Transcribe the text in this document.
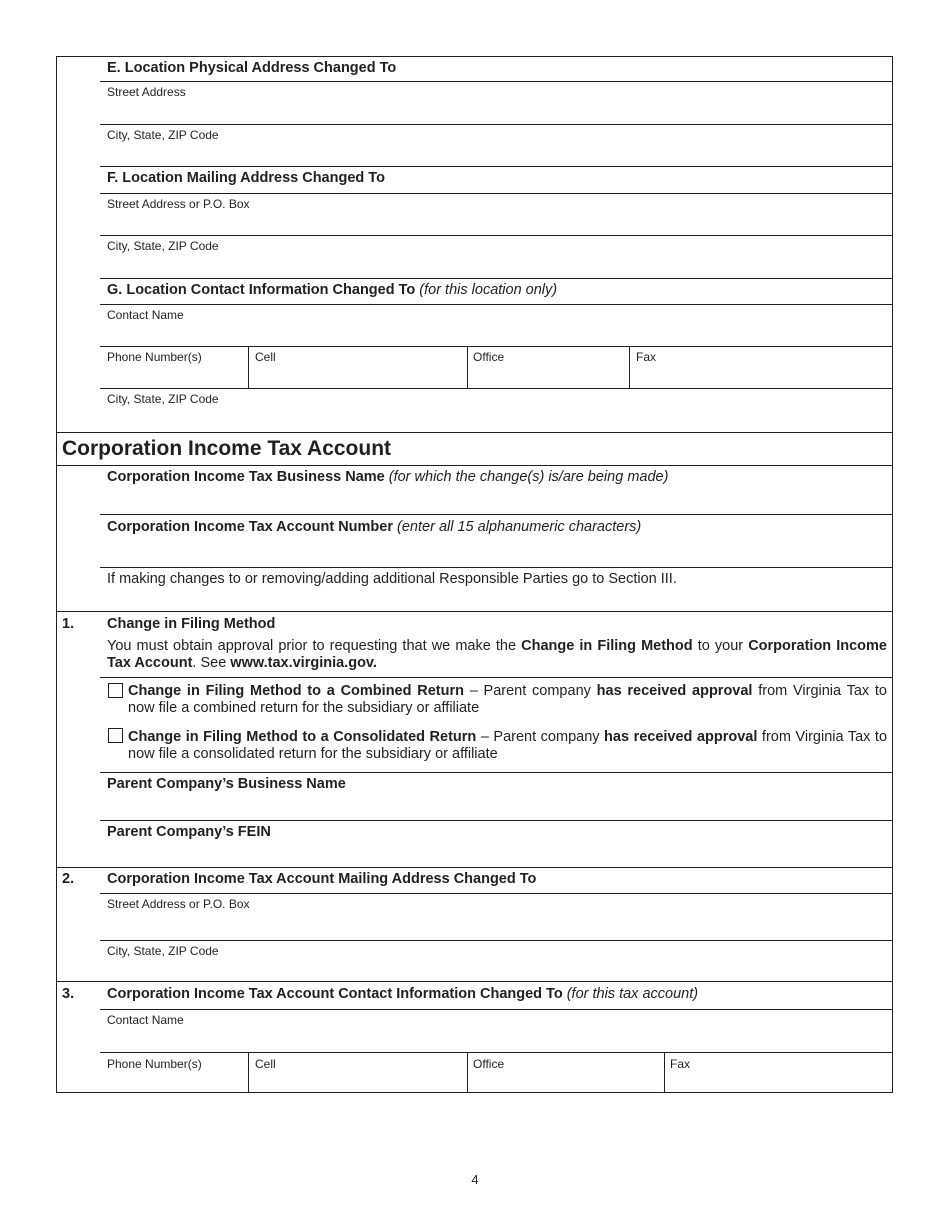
E. Location Physical Address Changed To
Street Address
City, State, ZIP Code
F. Location Mailing Address Changed To
Street Address or P.O. Box
City, State, ZIP Code
G. Location Contact Information Changed To (for this location only)
Contact Name
Phone Number(s)	Cell	Office	Fax
City, State, ZIP Code
Corporation Income Tax Account
Corporation Income Tax Business Name (for which the change(s) is/are being made)
Corporation Income Tax Account Number (enter all 15 alphanumeric characters)
If making changes to or removing/adding additional Responsible Parties go to Section III.
1. Change in Filing Method
You must obtain approval prior to requesting that we make the Change in Filing Method to your Corporation Income Tax Account. See www.tax.virginia.gov.
Change in Filing Method to a Combined Return – Parent company has received approval from Virginia Tax to now file a combined return for the subsidiary or affiliate
Change in Filing Method to a Consolidated Return – Parent company has received approval from Virginia Tax to now file a consolidated return for the subsidiary or affiliate
Parent Company’s Business Name
Parent Company’s FEIN
2. Corporation Income Tax Account Mailing Address Changed To
Street Address or P.O. Box
City, State, ZIP Code
3. Corporation Income Tax Account Contact Information Changed To (for this tax account)
Contact Name
Phone Number(s)	Cell	Office	Fax
4
